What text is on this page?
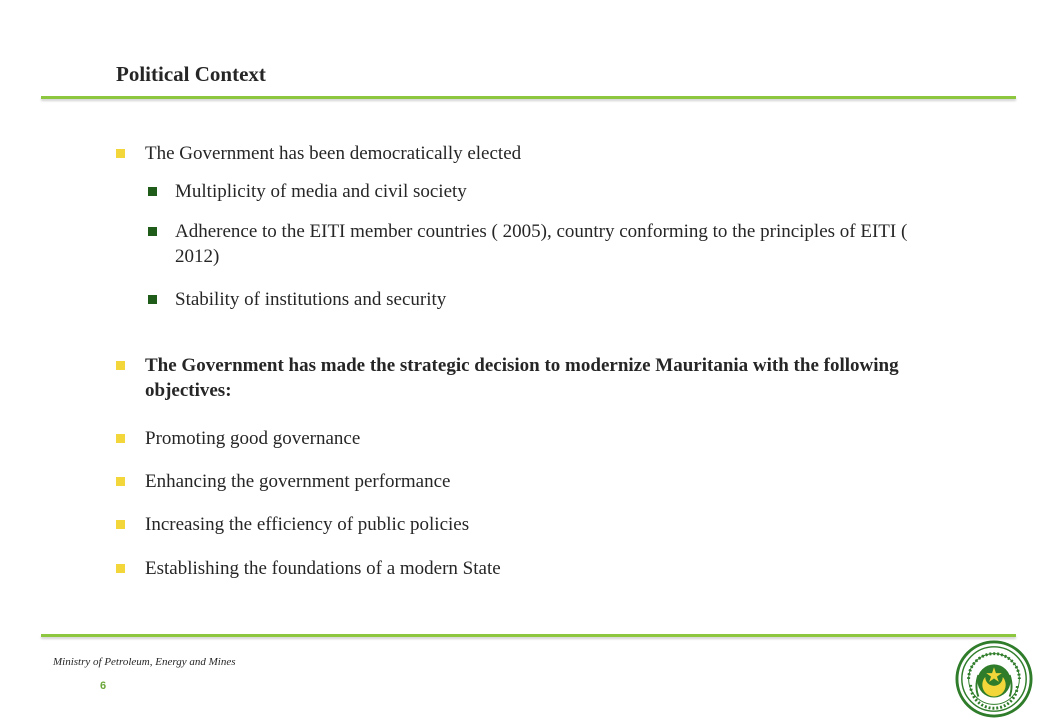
Political Context
The Government has been democratically elected
Multiplicity of media and civil society
Adherence to the EITI member countries ( 2005), country conforming to the principles of EITI ( 2012)
Stability of institutions and security
The Government has made the strategic decision to modernize Mauritania with the following objectives:
Promoting good governance
Enhancing the government performance
Increasing the efficiency of public policies
Establishing the foundations of a modern State
Ministry of Petroleum, Energy and Mines
6
